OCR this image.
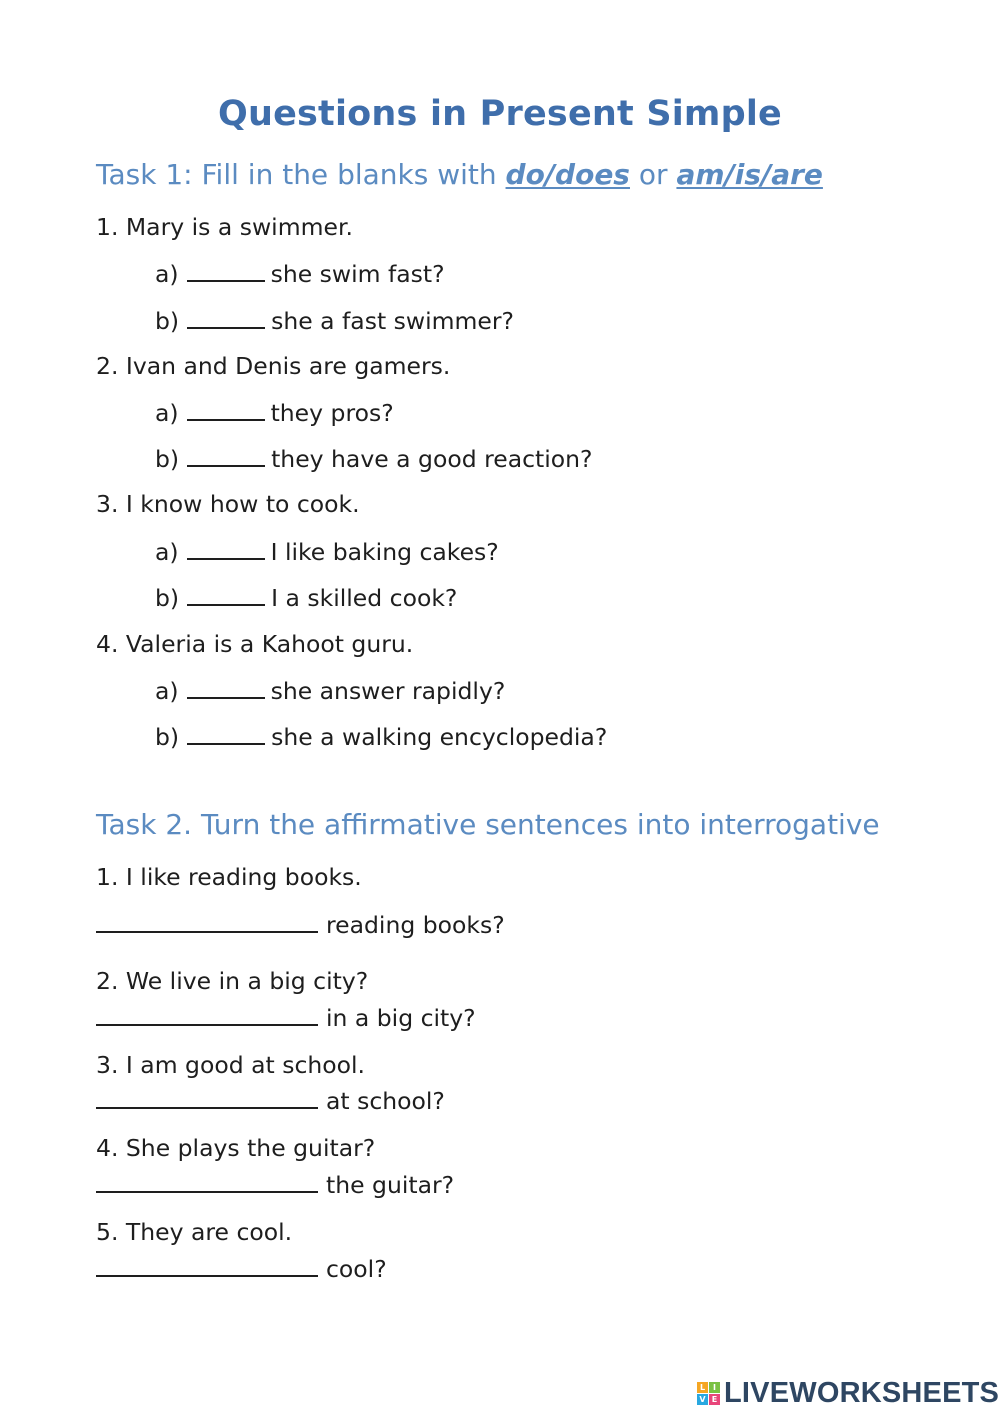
Questions in Present Simple
Task 1: Fill in the blanks with do/does or am/is/are
1. Mary is a swimmer.
a)	she swim fast?
b)	she a fast swimmer?
2. Ivan and Denis are gamers.
a)	they pros?
b)	they have a good reaction?
3. I know how to cook.
a)	I like baking cakes?
b)	I a skilled cook?
4. Valeria is a Kahoot guru.
a)	she answer rapidly?
b)	she a walking encyclopedia?
Task 2. Turn the affirmative sentences into interrogative
1. I like reading books.
reading books?
2. We live in a big city?
in a big city?
3. I am good at school.
at school?
4. She plays the guitar?
the guitar?
5. They are cool.
cool?
L I
V E LIVEWORKSHEETS
